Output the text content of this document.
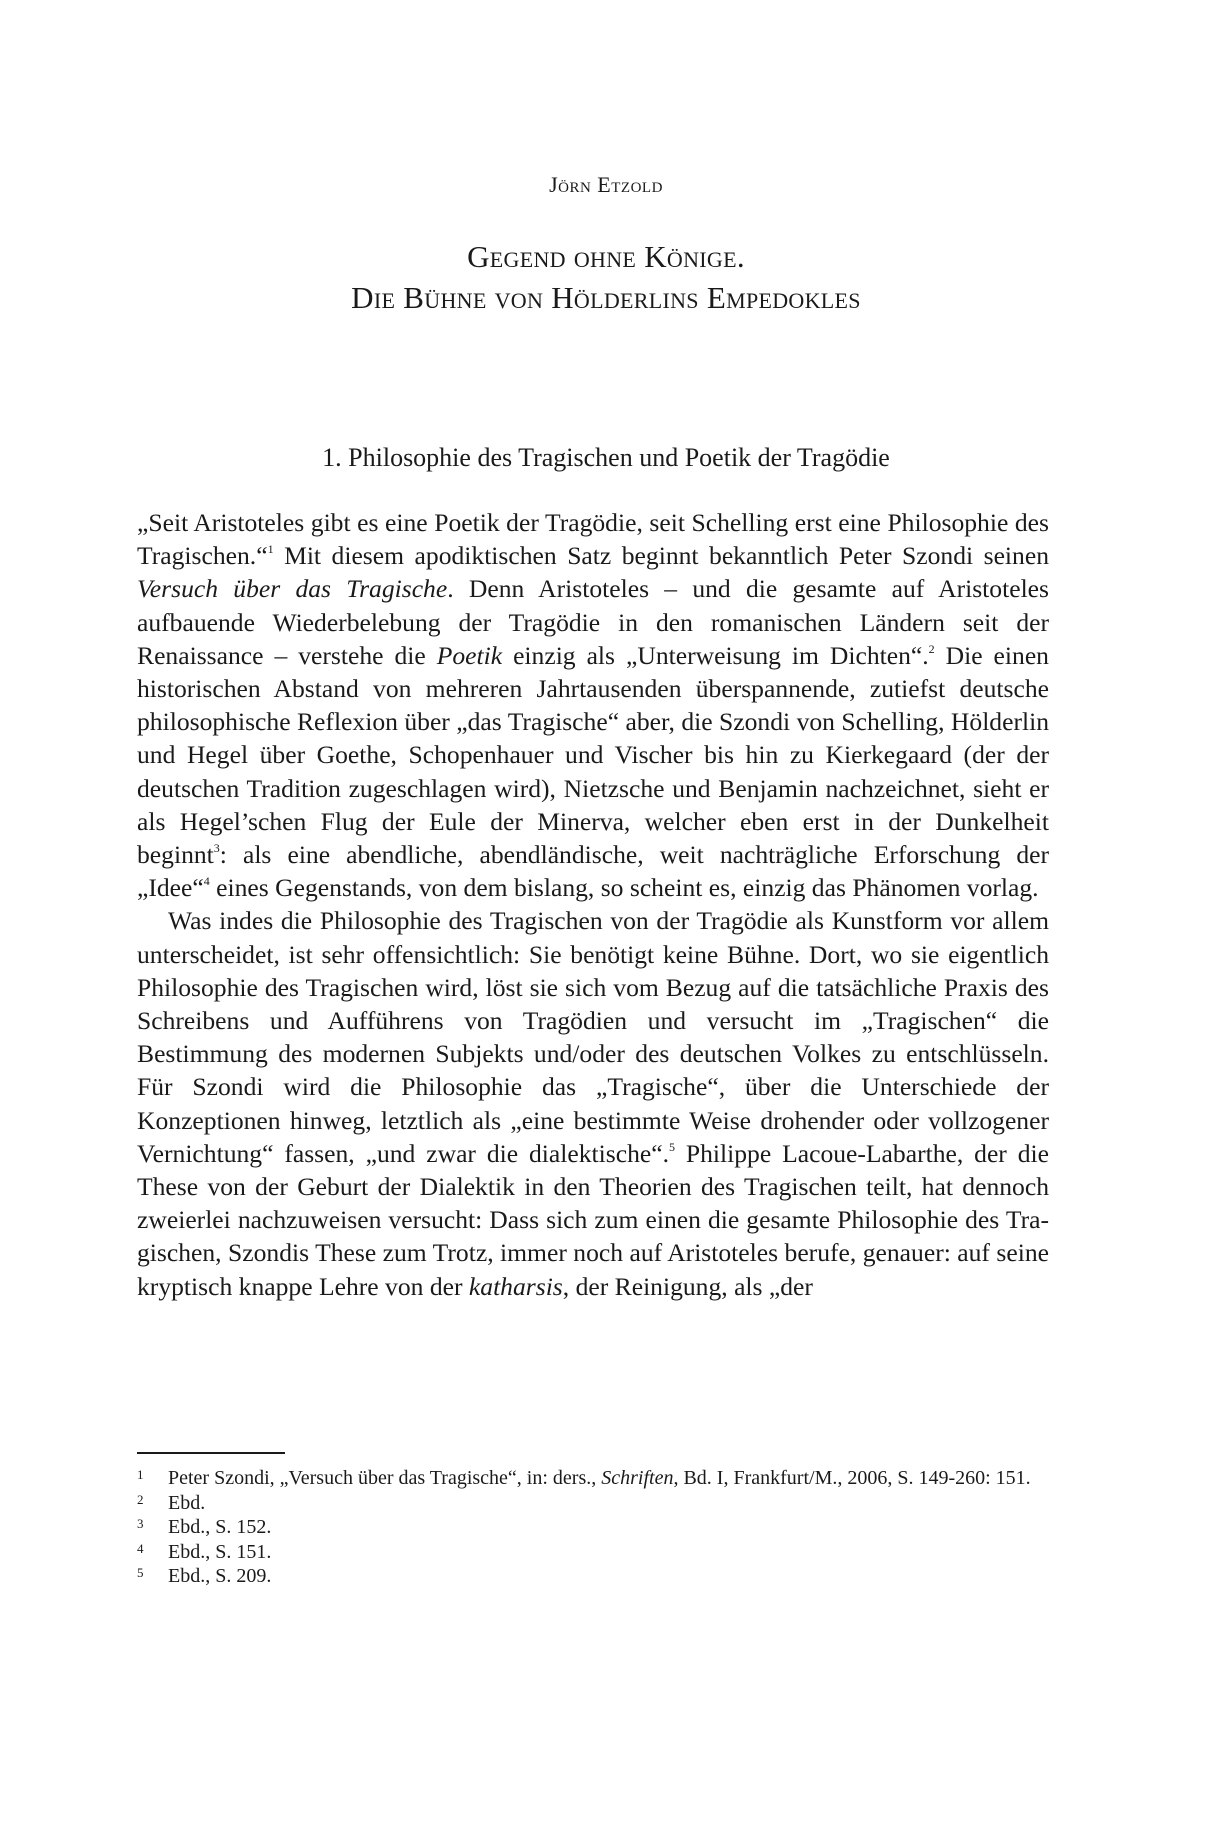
Jörn Etzold
Gegend ohne Könige.
Die Bühne von Hölderlins Empedokles
1. Philosophie des Tragischen und Poetik der Tragödie

„Seit Aristoteles gibt es eine Poetik der Tragödie, seit Schelling erst eine Philosophie des Tragischen.“$^1$ Mit diesem apodiktischen Satz beginnt bekanntlich Peter Szondi seinen Versuch über das Tragische. Denn Aristoteles – und die gesamte auf Aristoteles aufbauende Wiederbelebung der Tragödie in den romanischen Ländern seit der Renaissance – verstehe die Poetik einzig als „Unterweisung im Dichten“.$^2$ Die einen historischen Abstand von mehreren Jahrtausenden überspannende, zutiefst deutsche philosophische Reflexion über „das Tragische“ aber, die Szondi von Schelling, Hölderlin und Hegel über Goethe, Schopenhauer und Vischer bis hin zu Kierkegaard (der der deutschen Tradition zugeschlagen wird), Nietzsche und Benjamin nachzeichnet, sieht er als Hegel’schen Flug der Eule der Minerva, welcher eben erst in der Dunkelheit beginnt$^3$: als eine abendliche, abendländische, weit nachträgliche Erforschung der „Idee“$^4$ eines Gegenstands, von dem bislang, so scheint es, einzig das Phänomen vorlag.

Was indes die Philosophie des Tragischen von der Tragödie als Kunstform vor allem unterscheidet, ist sehr offensichtlich: Sie benötigt keine Bühne. Dort, wo sie eigentlich Philosophie des Tragischen wird, löst sie sich vom Bezug auf die tatsächliche Praxis des Schreibens und Aufführens von Tragödien und versucht im „Tragischen“ die Bestimmung des modernen Subjekts und/​oder des deutschen Volkes zu entschlüsseln. Für Szondi wird die Philosophie das „Tragische“, über die Unterschiede der Konzeptionen hinweg, letztlich als „eine bestimmte Weise drohender oder vollzogener Vernichtung“ fassen, „und zwar die dialektische“.$^5$ Philippe Lacoue-Labarthe, der die These von der Geburt der Dialektik in den Theorien des Tragischen teilt, hat dennoch zweierlei nachzuweisen versucht: Dass sich zum einen die gesamte Philosophie des Tragischen, Szondis These zum Trotz, immer noch auf Aristoteles berufe, genauer: auf seine kryptisch knappe Lehre von der katharsis, der Reinigung, als „der

1 Peter Szondi, „Versuch über das Tragische“, in: ders., Schriften, Bd. I, Frankfurt/M., 2006, S. 149-260: 151.
2 Ebd.
3 Ebd., S. 152.
4 Ebd., S. 151.
5 Ebd., S. 209.
